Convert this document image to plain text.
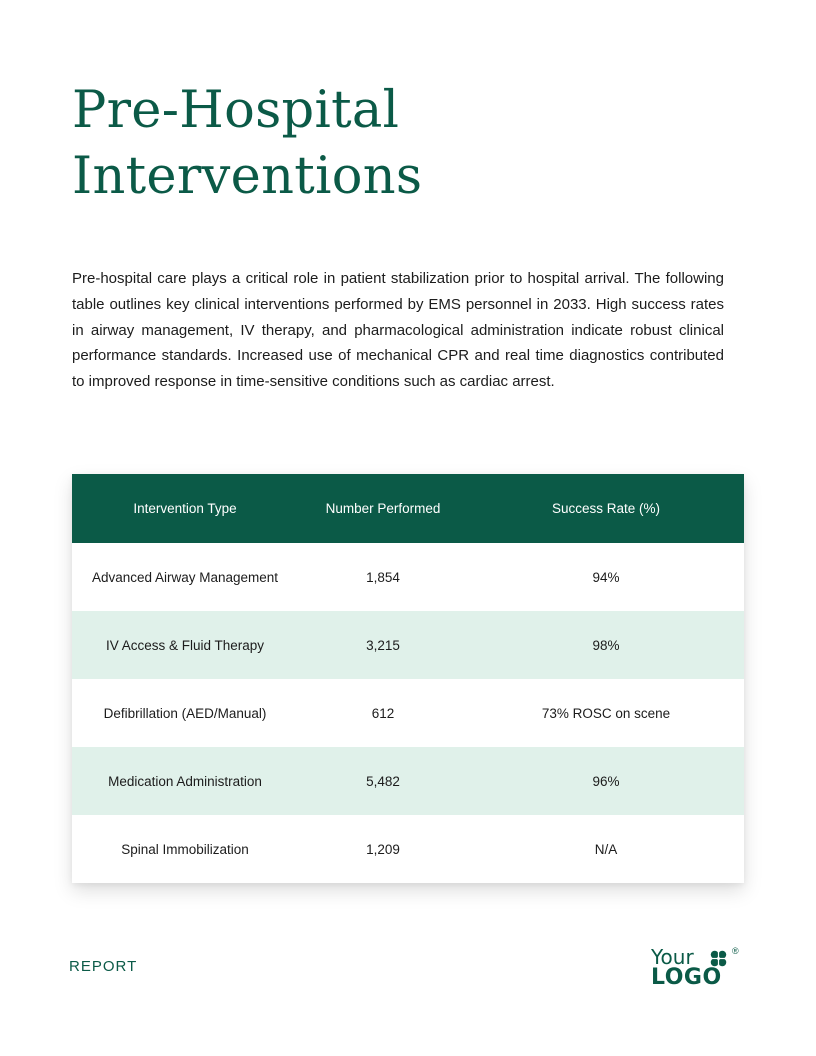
Pre-Hospital
Interventions

Pre-hospital care plays a critical role in patient stabilization prior to hospital arrival. The following table outlines key clinical interventions performed by EMS personnel in 2033. High success rates in airway management, IV therapy, and pharmacological administration indicate robust clinical performance standards. Increased use of mechanical CPR and real time diagnostics contributed to improved response in time-sensitive conditions such as cardiac arrest.

Intervention Type	Number Performed	Success Rate (%)
Advanced Airway Management	1,854	94%
IV Access & Fluid Therapy	3,215	98%
Defibrillation (AED/Manual)	612	73% ROSC on scene
Medication Administration	5,482	96%
Spinal Immobilization	1,209	N/A
REPORT	Your	®
LOGO
